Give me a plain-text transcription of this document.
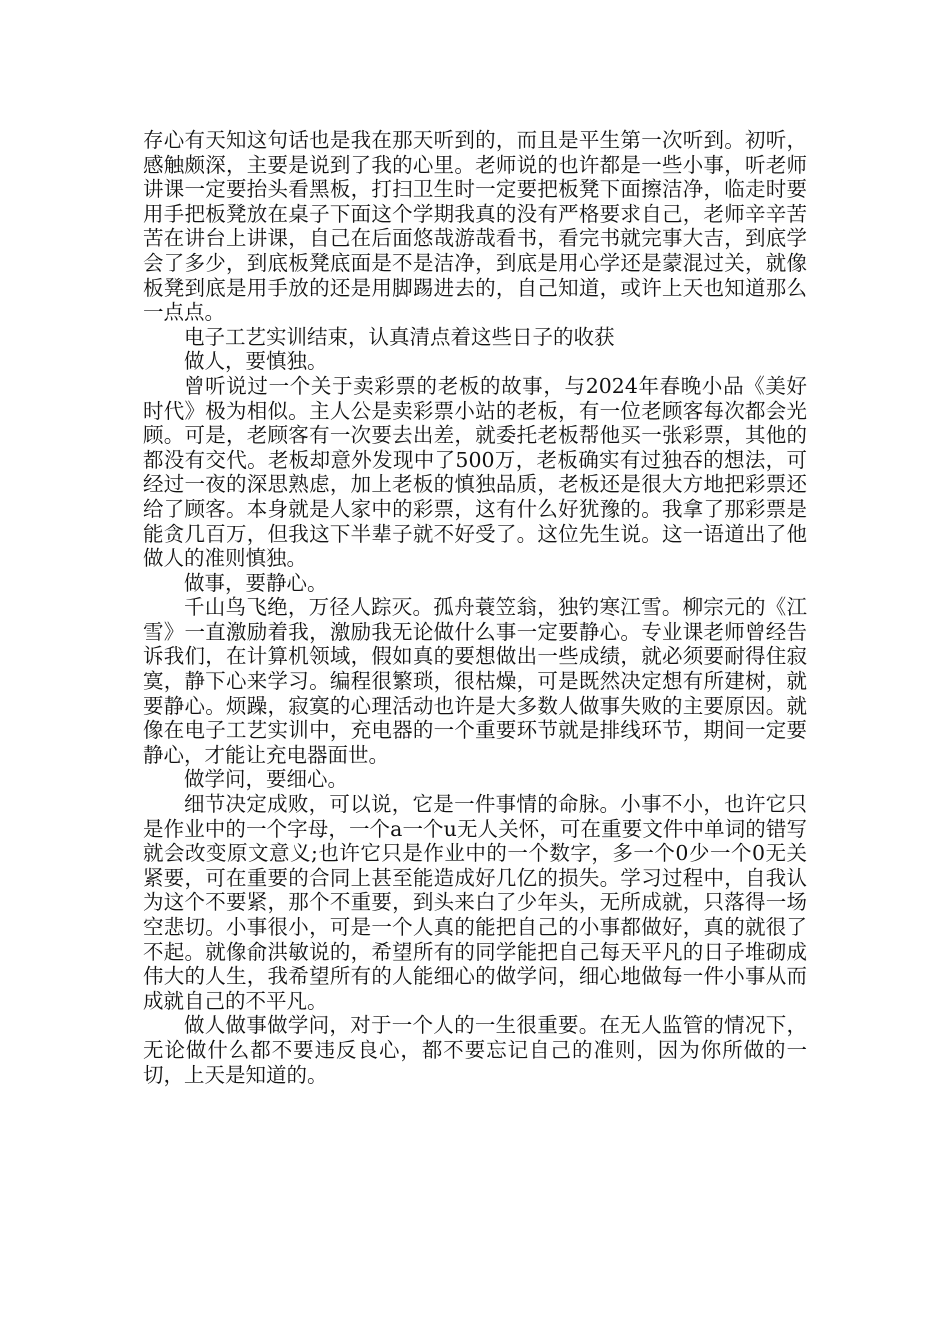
存心有天知这句话也是我在那天听到的，而且是平生第一次听到。初听，感触颇深，主要是说到了我的心里。老师说的也许都是一些小事，听老师讲课一定要抬头看黑板，打扫卫生时一定要把板凳下面擦洁净，临走时要用手把板凳放在桌子下面这个学期我真的没有严格要求自己，老师辛辛苦苦在讲台上讲课，自己在后面悠哉游哉看书，看完书就完事大吉，到底学会了多少，到底板凳底面是不是洁净，到底是用心学还是蒙混过关，就像板凳到底是用手放的还是用脚踢进去的，自己知道，或许上天也知道那么一点点。

电子工艺实训结束，认真清点着这些日子的收获

做人，要慎独。

曾听说过一个关于卖彩票的老板的故事，与2024年春晚小品《美好时代》极为相似。主人公是卖彩票小站的老板，有一位老顾客每次都会光顾。可是，老顾客有一次要去出差，就委托老板帮他买一张彩票，其他的都没有交代。老板却意外发现中了500万，老板确实有过独吞的想法，可经过一夜的深思熟虑，加上老板的慎独品质，老板还是很大方地把彩票还给了顾客。本身就是人家中的彩票，这有什么好犹豫的。我拿了那彩票是能贪几百万，但我这下半辈子就不好受了。这位先生说。这一语道出了他做人的准则慎独。

做事，要静心。

千山鸟飞绝，万径人踪灭。孤舟蓑笠翁，独钓寒江雪。柳宗元的《江雪》一直激励着我，激励我无论做什么事一定要静心。专业课老师曾经告诉我们，在计算机领域，假如真的要想做出一些成绩，就必须要耐得住寂寞，静下心来学习。编程很繁琐，很枯燥，可是既然决定想有所建树，就要静心。烦躁，寂寞的心理活动也许是大多数人做事失败的主要原因。就像在电子工艺实训中，充电器的一个重要环节就是排线环节，期间一定要静心，才能让充电器面世。

做学问，要细心。

细节决定成败，可以说，它是一件事情的命脉。小事不小，也许它只是作业中的一个字母，一个a一个u无人关怀，可在重要文件中单词的错写就会改变原文意义;也许它只是作业中的一个数字，多一个0少一个0无关紧要，可在重要的合同上甚至能造成好几亿的损失。学习过程中，自我认为这个不要紧，那个不重要，到头来白了少年头，无所成就，只落得一场空悲切。小事很小，可是一个人真的能把自己的小事都做好，真的就很了不起。就像俞洪敏说的，希望所有的同学能把自己每天平凡的日子堆砌成伟大的人生，我希望所有的人能细心的做学问，细心地做每一件小事从而成就自己的不平凡。

做人做事做学问，对于一个人的一生很重要。在无人监管的情况下，无论做什么都不要违反良心，都不要忘记自己的准则，因为你所做的一切，上天是知道的。
